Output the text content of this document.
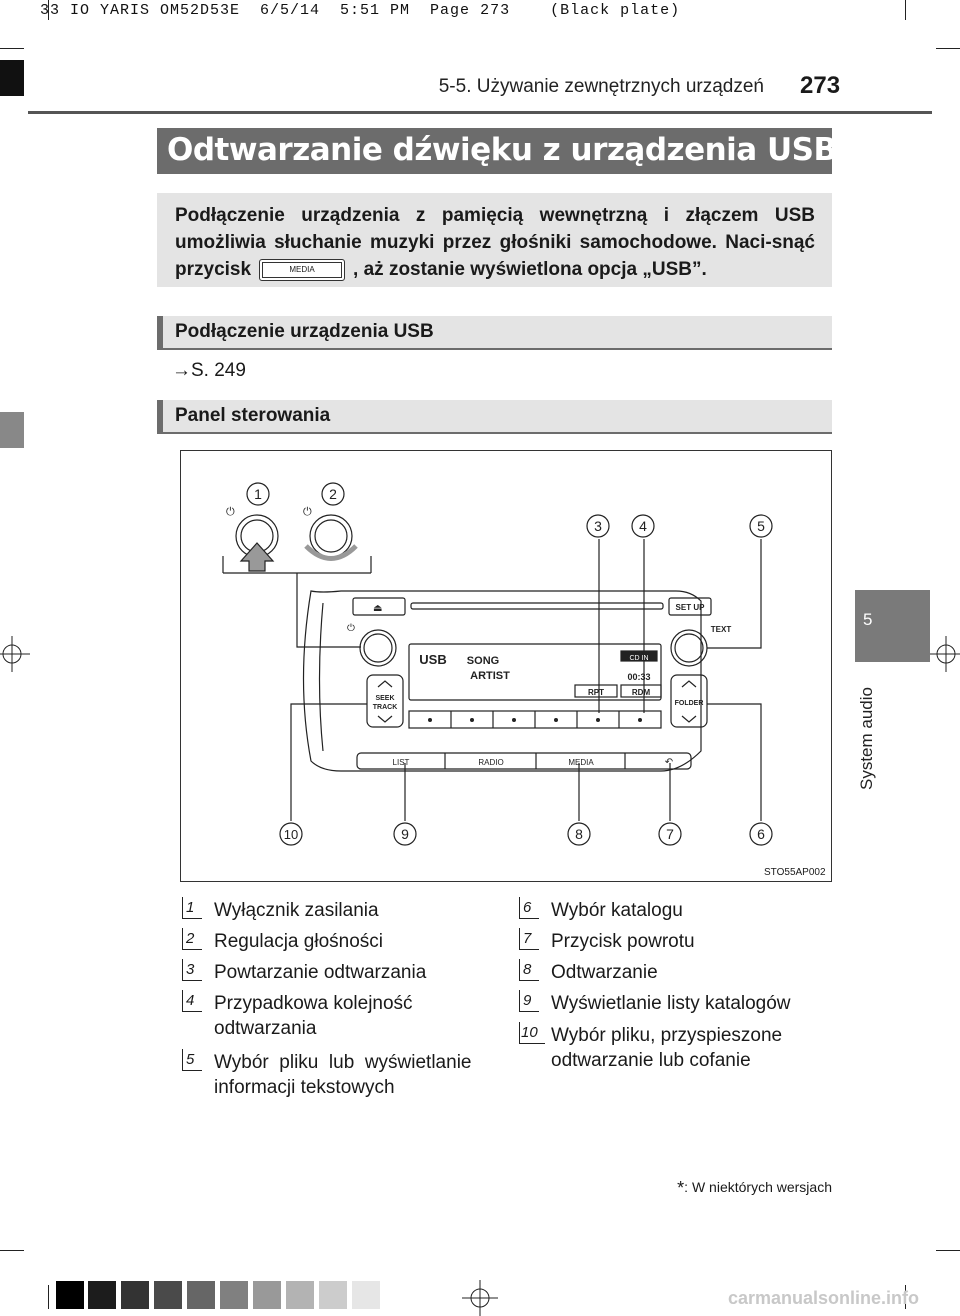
33 IO YARIS OM52D53E  6/5/14  5:51 PM  Page 273    (Black plate)
5-5. Używanie zewnętrznych urządzeń 273
5
System audio
Odtwarzanie dźwięku z urządzenia USB *

Podłączenie urządzenia z pamięcią wewnętrzną i złączem USB umożliwia słuchanie muzyki przez głośniki samochodowe. Naci-snąć przycisk	MEDIA , aż zostanie wyświetlona opcja „USB”.

Podłączenie urządzenia USB
→S. 249
Panel sterowania
⏻	⏻
⏏
⏻
1	2
3	4	5
6
7
8
9
10
SET UP
TEXT
SEEK
TRACK
FOLDER
LIST	RADIO	MEDIA	↶
USB SONG
ARTIST
CD IN
00:33
RPT	RDM
STO55AP002
1	Wyłącznik zasilania
2	Regulacja głośności
3	Powtarzanie odtwarzania
4	Przypadkowa kolejność
odtwarzania
5	Wybór  pliku  lub  wyświetlanie
informacji tekstowych
6	Wybór katalogu
7	Przycisk powrotu
8	Odtwarzanie
9	Wyświetlanie listy katalogów
10 Wybór pliku, przyspieszone
odtwarzanie lub cofanie
*: W niektórych wersjach
carmanualsonline.info
